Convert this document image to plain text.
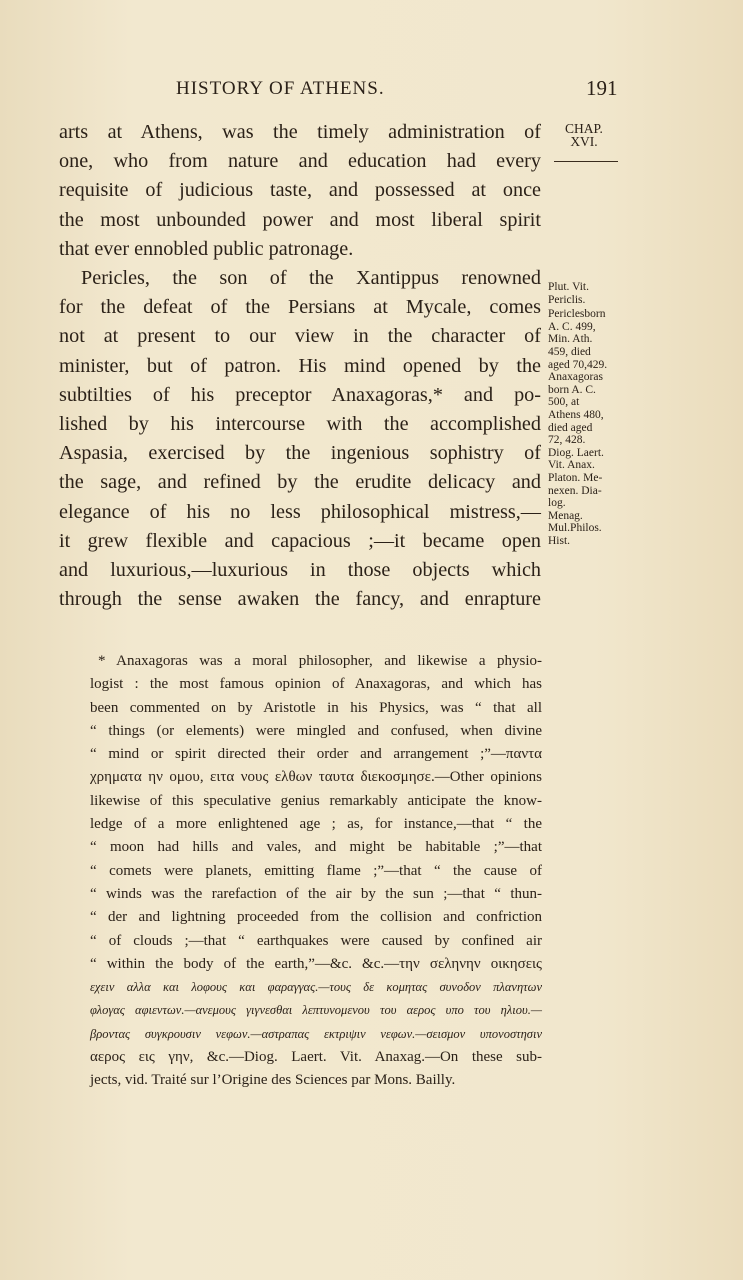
HISTORY OF ATHENS.	191
CHAP.
XVI.
Plut. Vit.
Periclis.
Periclesborn
A. C. 499,
Min. Ath.
459, died
aged 70,429.
Anaxagoras
born A. C.
500, at
Athens 480,
died aged
72, 428.
Diog. Laert.
Vit. Anax.
Platon. Me-
nexen. Dia-
log.
Menag.
Mul.Philos.
Hist.

arts at Athens, was the timely administration of
one, who from nature and education had every
requisite of judicious taste, and possessed at once
the most unbounded power and most liberal spirit
that ever ennobled public patronage.
Pericles, the son of the Xantippus renowned
for the defeat of the Persians at Mycale, comes
not at present to our view in the character of
minister, but of patron. His mind opened by the
subtilties of his preceptor Anaxagoras,* and po-
lished by his intercourse with the accomplished
Aspasia, exercised by the ingenious sophistry of
the sage, and refined by the erudite delicacy and
elegance of his no less philosophical mistress,—
it grew flexible and capacious ;—it became open
and luxurious,—luxurious in those objects which
through the sense awaken the fancy, and enrapture

* Anaxagoras was a moral philosopher, and likewise a physio-
logist : the most famous opinion of Anaxagoras, and which has
been commented on by Aristotle in his Physics, was “ that all
“ things (or elements) were mingled and confused, when divine
“ mind or spirit directed their order and arrangement ;”—παντα
χρηματα ην ομου, ειτα νους ελθων ταυτα διεκοσμησε.—Other opinions
likewise of this speculative genius remarkably anticipate the know-
ledge of a more enlightened age ; as, for instance,—that “ the
“ moon had hills and vales, and might be habitable ;”—that
“ comets were planets, emitting flame ;”—that “ the cause of
“ winds was the rarefaction of the air by the sun ;—that “ thun-
“ der and lightning proceeded from the collision and confriction
“ of clouds ;—that “ earthquakes were caused by confined air
“ within the body of the earth,”—&c. &c.—την σεληνην οικησεις
εχειν αλλα και λοφους και φαραγγας.—τους δε κομητας συνοδον πλανητων
φλογας αφιεντων.—ανεμους γιγνεσθαι λεπτυνομενου του αερος υπο του ηλιου.—
βροντας συγκρουσιν νεφων.—αστραπας εκτριψιν νεφων.—σεισμον υπονοστησιν
αερος εις γην, &c.—Diog. Laert. Vit. Anaxag.—On these sub-
jects, vid. Traité sur l’Origine des Sciences par Mons. Bailly.
